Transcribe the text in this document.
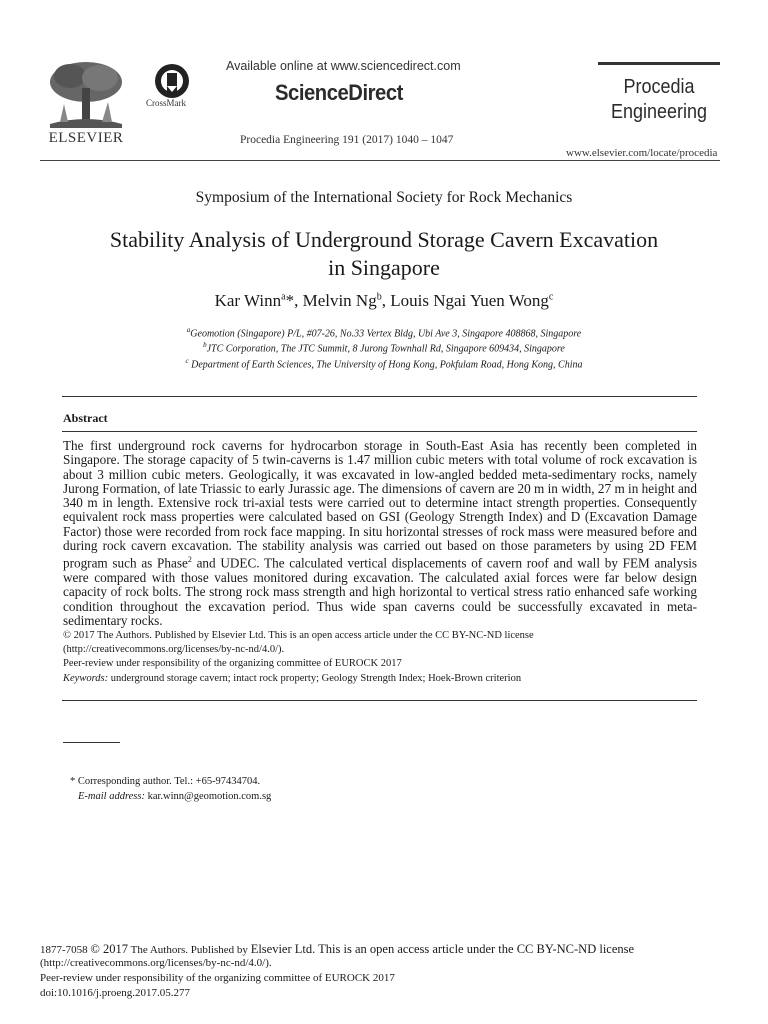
ELSEVIER
CrossMark
Available online at www.sciencedirect.com
ScienceDirect
Procedia Engineering 191 (2017) 1040 – 1047
Procedia
Engineering
www.elsevier.com/locate/procedia
Symposium of the International Society for Rock Mechanics
Stability Analysis of Underground Storage Cavern Excavation
in Singapore
Kar Winn$^a$*, Melvin Ng$^b$, Louis Ngai Yuen Wong$^c$
$^a$Geomotion (Singapore) P/L, #07-26, No.33 Vertex Bldg, Ubi Ave 3, Singapore 408868, Singapore
$^b$JTC Corporation, The JTC Summit, 8 Jurong Townhall Rd, Singapore 609434, Singapore
$^c$ Department of Earth Sciences, The University of Hong Kong, Pokfulam Road, Hong Kong, China
Abstract
The first underground rock caverns for hydrocarbon storage in South-East Asia has recently been completed in Singapore. The storage capacity of 5 twin-caverns is 1.47 million cubic meters with total volume of rock excavation is about 3 million cubic meters. Geologically, it was excavated in low-angled bedded meta-sedimentary rocks, namely Jurong Formation, of late Triassic to early Jurassic age. The dimensions of cavern are 20 m in width, 27 m in height and 340 m in length. Extensive rock tri-axial tests were carried out to determine intact strength properties. Consequently equivalent rock mass properties were calculated based on GSI (Geology Strength Index) and D (Excavation Damage Factor) those were recorded from rock face mapping. In situ horizontal stresses of rock mass were measured before and during rock cavern excavation. The stability analysis was carried out based on those parameters by using 2D FEM program such as Phase$^2$ and UDEC. The calculated vertical displacements of cavern roof and wall by FEM analysis were compared with those values monitored during excavation. The calculated axial forces were far below design capacity of rock bolts. The strong rock mass strength and high horizontal to vertical stress ratio enhanced safe working condition throughout the excavation period. Thus wide span caverns could be successfully excavated in meta-sedimentary rocks.
© 2017 The Authors. Published by Elsevier Ltd. This is an open access article under the CC BY-NC-ND license
(http://creativecommons.org/licenses/by-nc-nd/4.0/).
Peer-review under responsibility of the organizing committee of EUROCK 2017
Keywords: underground storage cavern; intact rock property; Geology Strength Index; Hoek-Brown criterion
* Corresponding author. Tel.: +65-97434704.
E-mail address: kar.winn@geomotion.com.sg
1877-7058 © 2017 The Authors. Published by Elsevier Ltd. This is an open access article under the CC BY-NC-ND license
(http://creativecommons.org/licenses/by-nc-nd/4.0/).
Peer-review under responsibility of the organizing committee of EUROCK 2017
doi:10.1016/j.proeng.2017.05.277
